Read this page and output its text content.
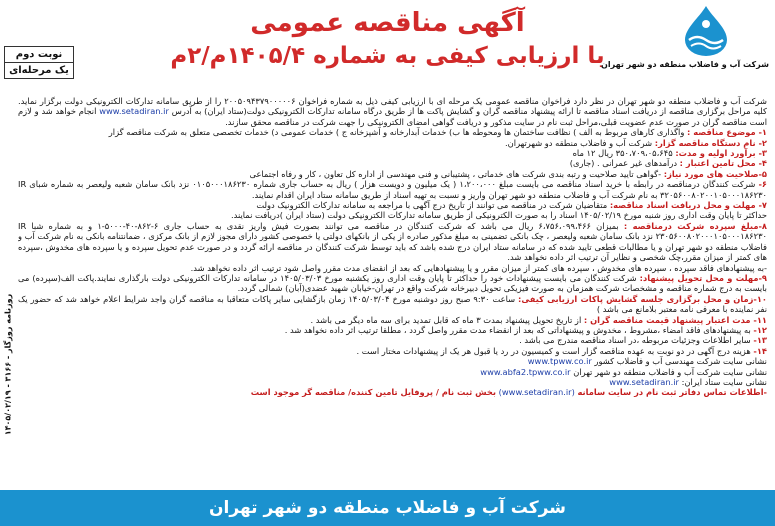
شرکت آب و فاضلاب منطقه دو شهر تهران
آگهی مناقصه عمومی
با ارزیابی کیفی به شماره ۱۴۰۵/۴م/۲م
نوبت دوم
یک مرحله‌ای
روزنامه روزگار - ۳۱۶۶ - ۱۴۰۵/۰۲/۱۹

شرکت آب و فاضلاب منطقه دو شهر تهران در نظر دارد فراخوان مناقصه عمومی یک مرحله ای با ارزیابی کیفی ذیل به شماره فراخوان ۲۰۰۵۰۹۴۳۷۹۰۰۰۰۰۶ را از طریق سامانه تدارکات الکترونیکی دولت برگزار نماید. کلیه مراحل برگزاری مناقصه از دریافت اسناد مناقصه تا ارائه پیشنهاد مناقصه گران و گشایش پاکت ها از طریق درگاه سامانه تدارکات الکترونیکی دولت(ستاد ایران) به آدرس www.setadiran.ir انجام خواهد شد و لازم است مناقصه گران در صورت عدم عضویت قبلی،مراحل ثبت نام در سایت مذکور و دریافت گواهی امضای الکترونیکی را جهت شرکت در مناقصه محقق سازند.

۱- موضوع مناقصه : واگذاری کارهای مربوط به الف ) نظافت ساختمان ها ومحوطه ها ب) خدمات آبدارخانه و آشپزخانه ج ) خدمات عمومی د) خدمات تخصصی متعلق به شرکت مناقصه گزار

۲- نام دستگاه مناقصه گزار: شرکت آب و فاضلاب منطقه دو شهرتهران.

۳- برآورد اولیه و مدت: ۳۵۰،۷۰۹،۰۵،۶۴۵ ریال ۱۲ ماه

۴- محل تامین اعتبار : درآمدهای غیر عمرانی . (جاری)

۵-صلاحیت های مورد نیاز: -گواهی تایید صلاحیت و رتبه بندی شرکت های خدماتی ، پشتیبانی و فنی مهندسی از اداره کل تعاون ، کار و رفاه اجتماعی

۶- شرکت کنندگان درمناقصه در رابطه با خرید اسناد مناقصه می بایست مبلغ ۱،۲۰۰،۰۰۰ ( یک میلیون و دویست هزار ) ریال به حساب جاری شماره ۰۱۰۵۰۰۰۱۸۶۲۳۰ نزد بانک سامان شعبه ولیعصر به شماره شبای IR ۳۲۰۵۶۰۰۸۰۲۰۰۱۰۵۰۰۰۱۸۶۲۳۰ به نام شرکت آب و فاضلاب منطقه دو شهر تهران واریز و نسبت به تهیه اسناد از طریق سامانه ستاد ایران اقدام نمایند.

۷- مهلت و محل دریافت اسناد مناقصه: متقاضیان شرکت در مناقصه می توانند از تاریخ درج آگهی با مراجعه به سامانه تدارکات الکترونیک دولت

حداکثر تا پایان وقت اداری روز شنبه مورخ ۱۴۰۵/۰۲/۱۹ اسناد را به صورت الکترونیکی از طریق سامانه تدارکات الکترونیکی دولت (ستاد ایران )دریافت نمایند.

۸-مبلغ سپرده شرکت درمناقصه : بمیزان ۶،۷۵۶،۰۹۹،۴۶۶ ریال می باشد که شرکت کنندگان در مناقصه می توانند بصورت فیش واریز نقدی به حساب جاری ۶-۸۶۲-۴۰-۵۰۰۰-۱ و به شماره شبا IR ۲۳۰۵۶۰۰۸۰۲۰۰۰۱۰۵۰۰۰۱۸۶۲۳۰ نزد بانک سامان شعبه ولیعصر ، چک بانکی تضمینی به مبلغ مذکور صادره از یکی از بانکهای دولتی یا خصوصی کشور دارای مجوز لازم از بانک مرکزی ، ضمانتنامه بانکی به نام شرکت آب و فاضلاب منطقه دو شهر تهران و یا مطالبات قطعی تایید شده که در سامانه ستاد ایران درج شده باشد که باید توسط شرکت کنندگان در مناقصه ارائه گردد و در صورت عدم تحویل سپرده و یا سپرده های مخدوش ،سپرده های کمتر از میزان مقرر،چک شخصی و نظایر آن ترتیب اثر داده نخواهد شد.

-به پیشنهادهای فاقد سپرده ، سپرده های مخدوش ، سپرده های کمتر از میزان مقرر و یا پیشنهادهایی که بعد از انقضای مدت مقرر واصل شود ترتیب اثر داده نخواهد شد.

۹-مهلت و محل تحویل پیشنهاد: شرکت کنندگان می بایست پیشنهادات خود را حداکثر تا پایان وقت اداری روز یکشنبه مورخ ۱۴۰۵/۰۳/۰۳ در سامانه تدارکات الکترونیکی دولت بارگذاری نمایند.پاکت الف(سپرده) می بایست به درج شماره مناقصه و مشخصات شرکت همزمان به صورت فیزیکی تحویل دبیرخانه شرکت واقع در تهران-خیابان شهید عضدی(آبان) شمالی گردد.

۱۰-زمان و محل برگزاری جلسه گشایش پاکات ارزیابی کیفی: ساعت ۹:۳۰ صبح روز دوشنبه مورخ ۱۴۰۵/۰۳/۰۴ زمان بازگشایی سایر پاکات متعاقبا به مناقصه گران واجد شرایط اعلام خواهد شد که حضور یک نفر نماینده با معرفی نامه معتبر بلامانع می باشد )

۱۱- مدت اعتبار پیشنهاد قیمت مناقصه گران : از تاریخ تحویل پیشنهاد بمدت ۳ ماه که قابل تمدید برای سه ماه دیگر می باشد .

۱۲- به پیشنهادهای فاقد امضاء ،مشروط ، مخدوش و پیشنهاداتی که بعد از انقضاء مدت مقرر واصل گردد ، مطلقا ترتیب اثر داده نخواهد شد .

۱۳- سایر اطلاعات وجزئیات مربوطه ،در اسناد مناقصه مندرج می باشد .

۱۴- هزینه درج آگهی در دو نوبت به عهده مناقصه گزار است و کمیسیون در رد یا قبول هر یک از پیشنهادات مختار است .

نشانی سایت شرکت مهندسی آب و فاضلاب کشور www.tpww.co.ir

نشانی سایت شرکت آب و فاضلاب منطقه دو شهر تهران www.abfa2.tpww.co.ir

نشانی سایت ستاد ایران: www.setadiran.ir

-اطلاعات تماس دفاتر ثبت نام در سایت سامانه (www.setadiran.ir) بخش ثبت نام / پروفایل تامین کننده/ مناقصه گر موجود است

شرکت آب و فاضلاب منطقه دو شهر تهران
